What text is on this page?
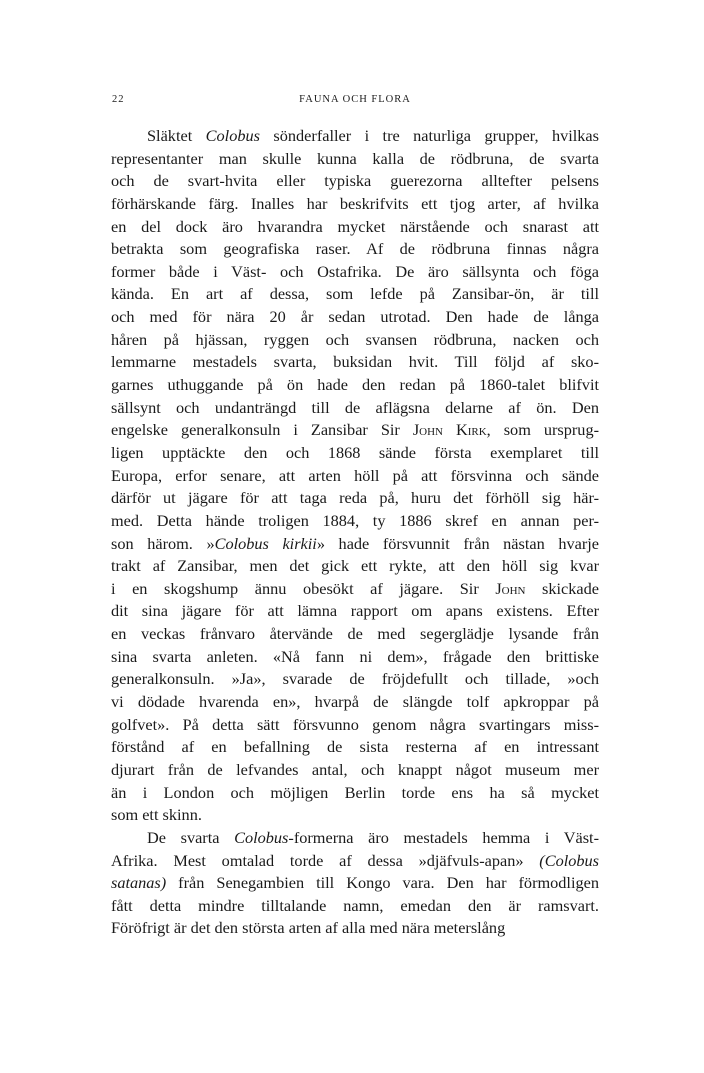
22	FAUNA OCH FLORA
Släktet Colobus sönderfaller i tre naturliga grupper, hvilkas
representanter man skulle kunna kalla de rödbruna, de svarta
och de svart-hvita eller typiska guerezorna alltefter pelsens
förhärskande färg. Inalles har beskrifvits ett tjog arter, af hvilka
en del dock äro hvarandra mycket närstående och snarast att
betrakta som geografiska raser. Af de rödbruna finnas några
former både i Väst- och Ostafrika. De äro sällsynta och föga
kända. En art af dessa, som lefde på Zansibar-ön, är till
och med för nära 20 år sedan utrotad. Den hade de långa
håren på hjässan, ryggen och svansen rödbruna, nacken och
lemmarne mestadels svarta, buksidan hvit. Till följd af sko-
garnes uthuggande på ön hade den redan på 1860-talet blifvit
sällsynt och undanträngd till de aflägsna delarne af ön. Den
engelske generalkonsuln i Zansibar Sir John Kirk, som ursprug-
ligen upptäckte den och 1868 sände första exemplaret till
Europa, erfor senare, att arten höll på att försvinna och sände
därför ut jägare för att taga reda på, huru det förhöll sig här-
med. Detta hände troligen 1884, ty 1886 skref en annan per-
son härom. »Colobus kirkii» hade försvunnit från nästan hvarje
trakt af Zansibar, men det gick ett rykte, att den höll sig kvar
i en skogshump ännu obesökt af jägare. Sir John skickade
dit sina jägare för att lämna rapport om apans existens. Efter
en veckas frånvaro återvände de med segerglädje lysande från
sina svarta anleten. «Nå fann ni dem», frågade den brittiske
generalkonsuln. »Ja», svarade de fröjdefullt och tillade, »och
vi dödade hvarenda en», hvarpå de slängde tolf apkroppar på
golfvet». På detta sätt försvunno genom några svartingars miss-
förstånd af en befallning de sista resterna af en intressant
djurart från de lefvandes antal, och knappt något museum mer
än i London och möjligen Berlin torde ens ha så mycket
som ett skinn.
De svarta Colobus-formerna äro mestadels hemma i Väst-
Afrika. Mest omtalad torde af dessa »djäfvuls-apan» (Colobus
satanas) från Senegambien till Kongo vara. Den har förmodligen
fått detta mindre tilltalande namn, emedan den är ramsvart.
Föröfrigt är det den största arten af alla med nära meterslång
